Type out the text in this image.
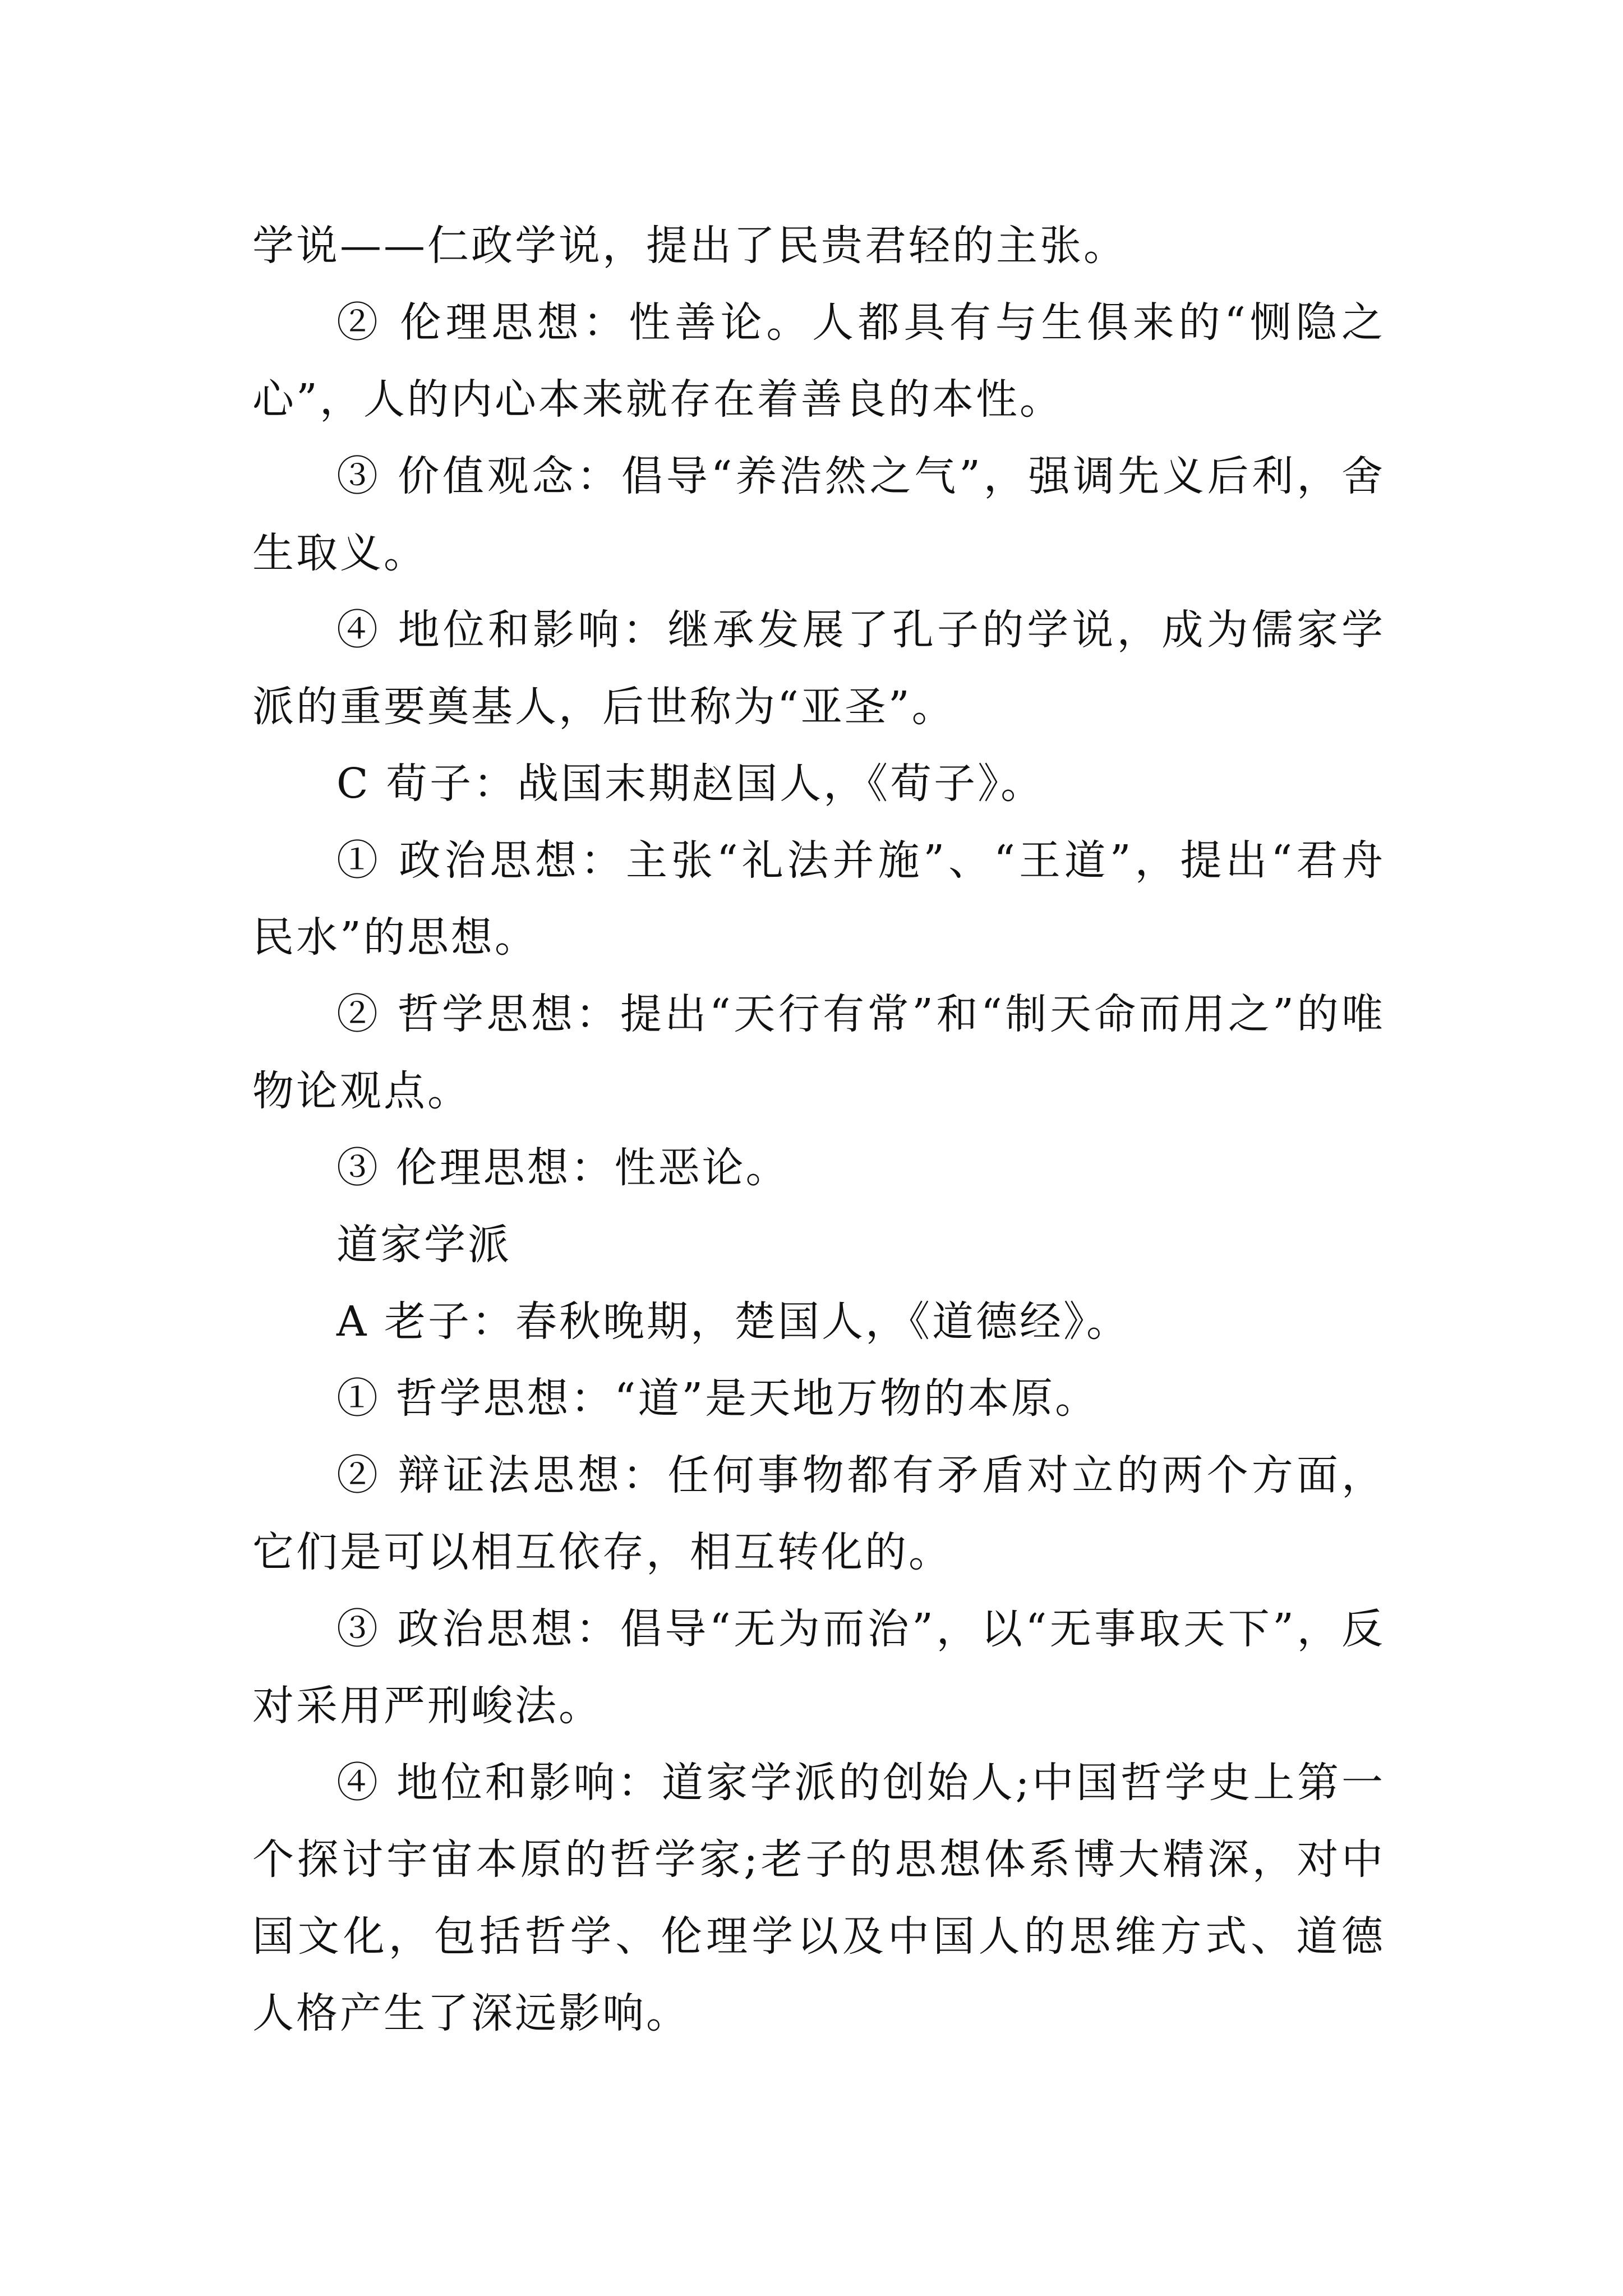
学说——仁政学说，提出了民贵君轻的主张。

② 伦理思想：性善论。人都具有与生俱来的“恻隐之心”，人的内心本来就存在着善良的本性。

③ 价值观念：倡导“养浩然之气”，强调先义后利，舍生取义。

④ 地位和影响：继承发展了孔子的学说，成为儒家学派的重要奠基人，后世称为“亚圣”。

C 荀子：战国末期赵国人，《荀子》。

① 政治思想：主张“礼法并施”、“王道”，提出“君舟民水”的思想。

② 哲学思想：提出“天行有常”和“制天命而用之”的唯物论观点。

③ 伦理思想：性恶论。

道家学派

A 老子：春秋晚期，楚国人，《道德经》。

① 哲学思想：“道”是天地万物的本原。

② 辩证法思想：任何事物都有矛盾对立的两个方面，它们是可以相互依存，相互转化的。

③ 政治思想：倡导“无为而治”，以“无事取天下”，反对采用严刑峻法。

④ 地位和影响：道家学派的创始人;中国哲学史上第一个探讨宇宙本原的哲学家;老子的思想体系博大精深，对中国文化，包括哲学、伦理学以及中国人的思维方式、道德人格产生了深远影响。
